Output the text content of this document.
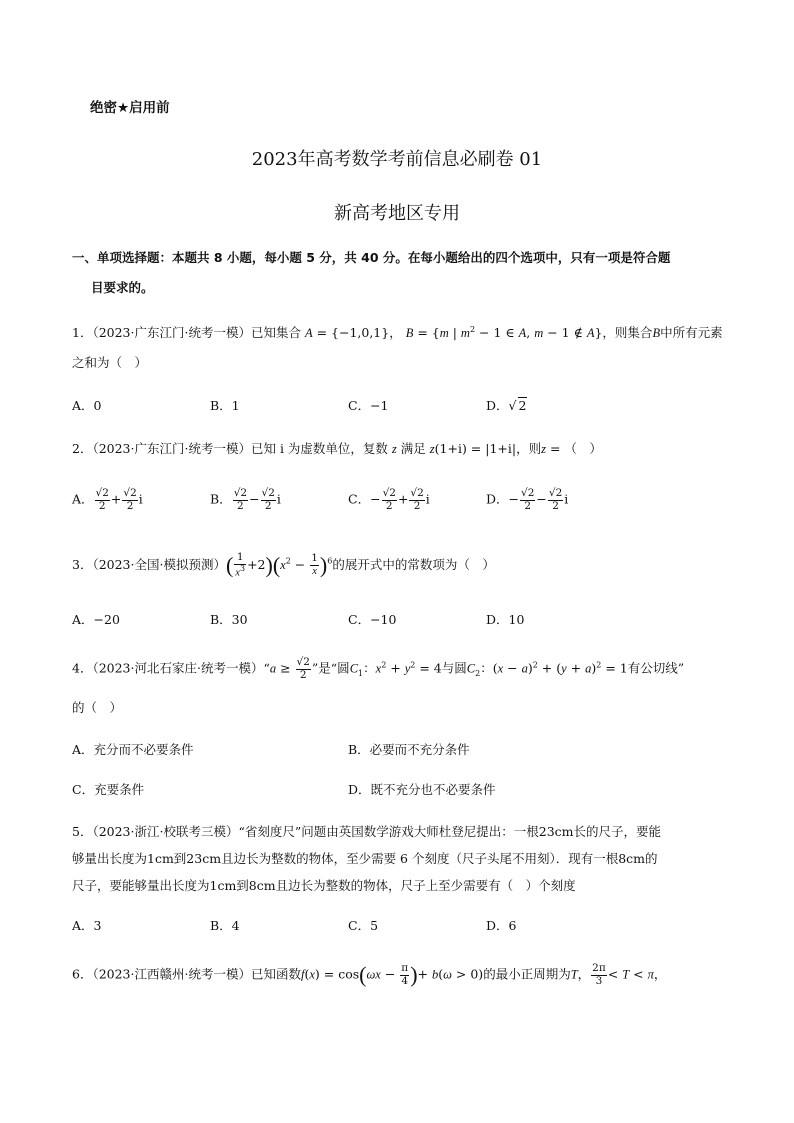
绝密★启用前
2023年高考数学考前信息必刷卷 01
新高考地区专用
一、单项选择题：本题共 8 小题，每小题 5 分，共 40 分。在每小题给出的四个选项中，只有一项是符合题
目要求的。
1．（2023·广东江门·统考一模）已知集合 A = {−1,0,1}， B = {m | $m^2 - 1$ ∈ A, m − 1 ∉ A}，则集合B中所有元素
之和为（　）
A．0	B．1	C．−1	D．√ 2
2．（2023·广东江门·统考一模）已知 i 为虚数单位，复数 z 满足 z(1+i) = |1+i|，则z = （　）
A． $\frac{√2}{2} + \frac{√2}{2}$ i	B． $\frac{√2}{2} - \frac{√2}{2}$ i	C．− $\frac{√2}{2} + \frac{√2}{2}$ i	D．− $\frac{√2}{2} - \frac{√2}{2}$ i
3．（2023·全国·模拟预测）( $\frac{1}{x^3} +2)(x^2 - \frac{1}{x} )^6$的展开式中的常数项为（　）
A．−20	B．30	C．−10	D．10
4．（2023·河北石家庄·统考一模）“a ≥ $\frac{√2}{2}$ ”是“圆$C_1$：$x^2 + y^2 = 4$与圆$C_2$：$(x - a)^2 + (y + a)^2 = 1$有公切线”
的（　）
A．充分而不必要条件	B．必要而不充分条件
C．充要条件	D．既不充分也不必要条件
5．（2023·浙江·校联考三模）“省刻度尺”问题由英国数学游戏大师杜登尼提出：一根23cm长的尺子，要能
够量出长度为1cm到23cm且边长为整数的物体，至少需要 6 个刻度（尺子头尾不用刻）．现有一根8cm的
尺子，要能够量出长度为1cm到8cm且边长为整数的物体，尺子上至少需要有（　）个刻度
A．3	B．4	C．5	D．6
6．（2023·江西赣州·统考一模）已知函数$f(x) = \cos(\omega x - \frac{\pi}{4}$ )+ b(ω > 0)的最小正周期为T， $\frac{2\pi}{3} < T < \pi$，
